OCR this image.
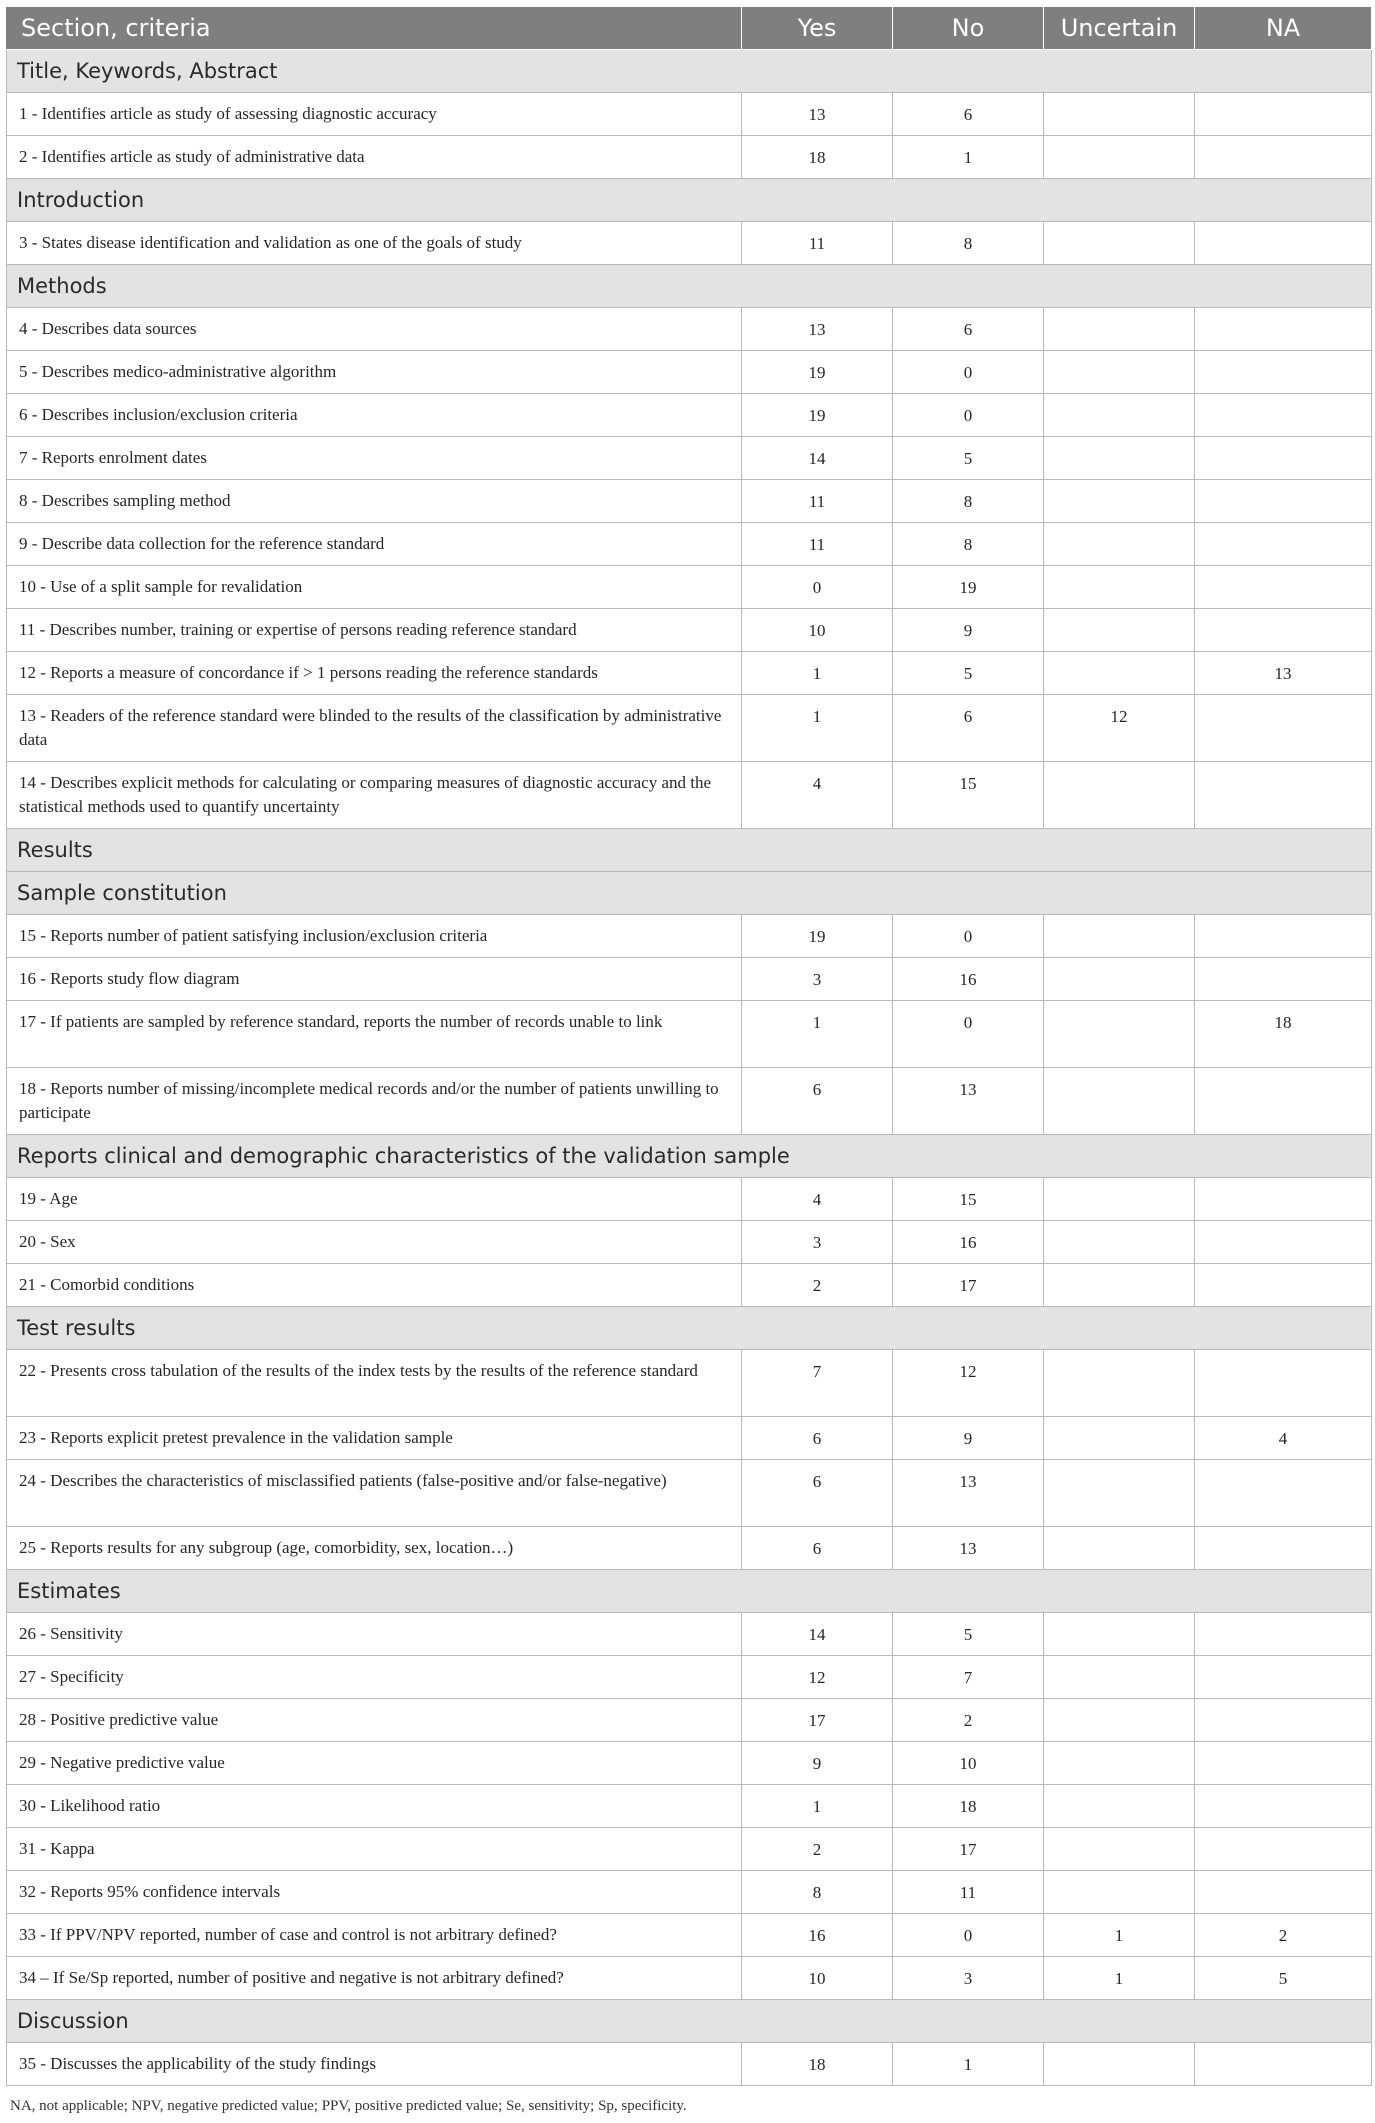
Section, criteria	Yes	No	Uncertain	NA
Title, Keywords, Abstract				
1 - Identifies article as study of assessing diagnostic accuracy	13	6		
2 - Identifies article as study of administrative data	18	1		
Introduction				
3 - States disease identification and validation as one of the goals of study	11	8		
Methods				
4 - Describes data sources	13	6		
5 - Describes medico-administrative algorithm	19	0		
6 - Describes inclusion/exclusion criteria	19	0		
7 - Reports enrolment dates	14	5		
8 - Describes sampling method	11	8		
9 - Describe data collection for the reference standard	11	8		
10 - Use of a split sample for revalidation	0	19		
11 - Describes number, training or expertise of persons reading reference standard	10	9		
12 - Reports a measure of concordance if > 1 persons reading the reference standards	1	5		13
13 - Readers of the reference standard were blinded to the results of the classification by administrative data	1	6	12	
14 - Describes explicit methods for calculating or comparing measures of diagnostic accuracy and the statistical methods used to quantify uncertainty	4	15		
Results				
Sample constitution				
15 - Reports number of patient satisfying inclusion/exclusion criteria	19	0		
16 - Reports study flow diagram	3	16		
17 - If patients are sampled by reference standard, reports the number of records unable to link	1	0		18
18 - Reports number of missing/incomplete medical records and/or the number of patients unwilling to participate	6	13		
Reports clinical and demographic characteristics of the validation sample				
19 - Age	4	15		
20 - Sex	3	16		
21 - Comorbid conditions	2	17		
Test results				
22 - Presents cross tabulation of the results of the index tests by the results of the reference standard	7	12		
23 - Reports explicit pretest prevalence in the validation sample	6	9		4
24 - Describes the characteristics of misclassified patients (false-positive and/or false-negative)	6	13		
25 - Reports results for any subgroup (age, comorbidity, sex, location…)	6	13		
Estimates				
26 - Sensitivity	14	5		
27 - Specificity	12	7		
28 - Positive predictive value	17	2		
29 - Negative predictive value	9	10		
30 - Likelihood ratio	1	18		
31 - Kappa	2	17		
32 - Reports 95% confidence intervals	8	11		
33 - If PPV/NPV reported, number of case and control is not arbitrary defined?	16	0	1	2
34 – If Se/Sp reported, number of positive and negative is not arbitrary defined?	10	3	1	5
Discussion				
35 - Discusses the applicability of the study findings	18	1		
NA, not applicable; NPV, negative predicted value; PPV, positive predicted value; Se, sensitivity; Sp, specificity.
